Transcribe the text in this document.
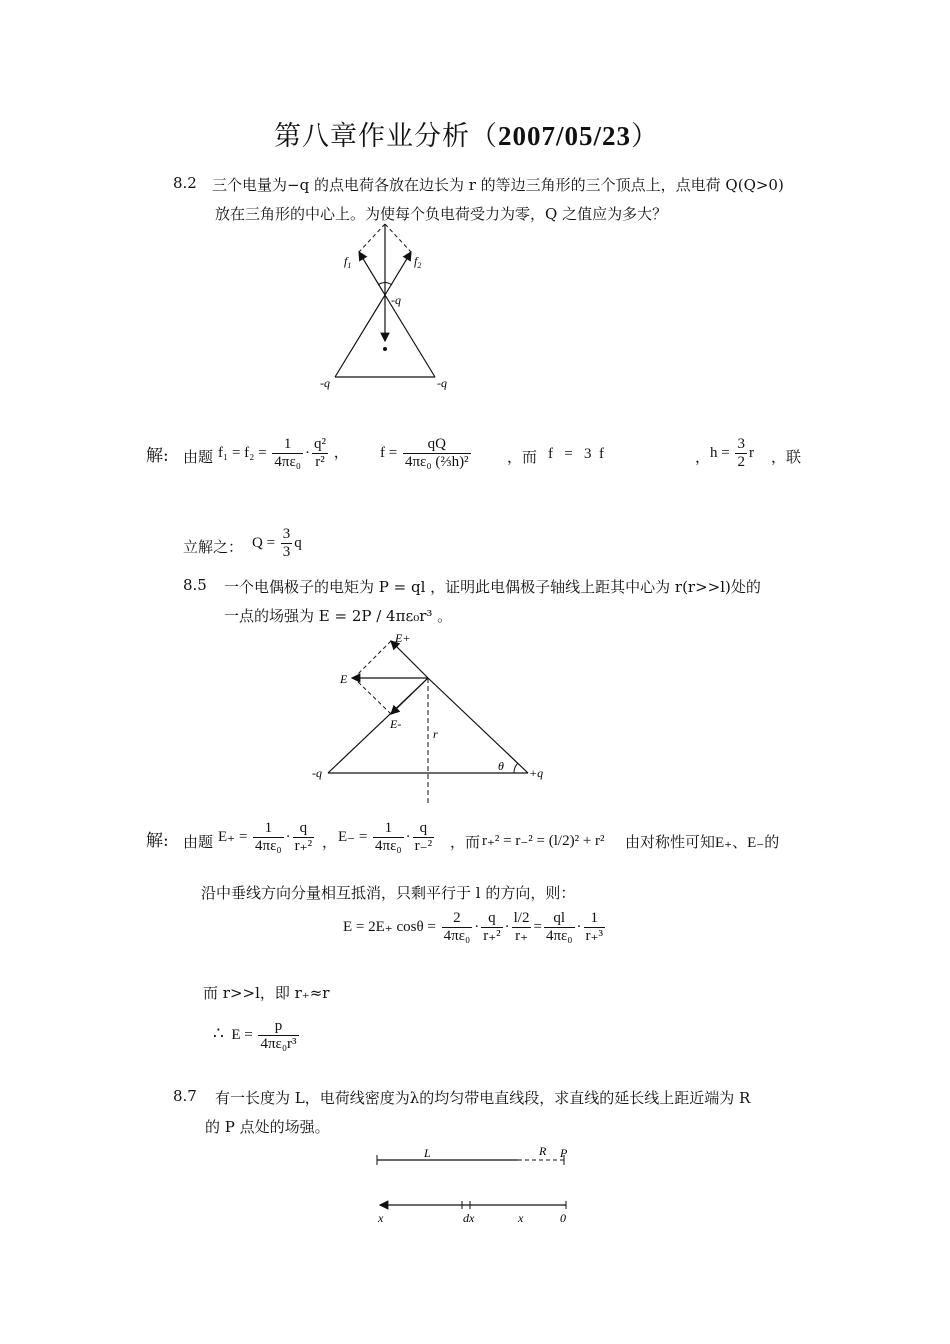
第八章作业分析（2007/05/23）
8.2 三个电量为−q 的点电荷各放在边长为 r 的等边三角形的三个顶点上，点电荷 Q(Q>0)
放在三角形的中心上。为使每个负电荷受力为零，Q 之值应为多大？
$f_1$	$f_2$
-q
-q	-q
解: 由题 $f_1 = f_2 = \frac{1}{\text{4πε₀}} \cdot \frac{\text{q²}}{\text{r²}}$ ， $f = \frac{qQ}{\text{4πε₀ (⅔h)²}}$ ，而 f   =   3  f	， $h = \frac{3}{2}$ r ，联
立解之： $Q = \frac{3}{3}$ q
8.5 一个电偶极子的电矩为 P = ql ，证明此电偶极子轴线上距其中心为 r(r>>l)处的
一点的场强为 E = 2P / 4πε₀r³ 。
E+
E
E-
r
θ
-q	+q
解: 由题 $E_+ = \frac{1}{\text{4πε₀}} \cdot \frac{q}{\text{r₊²}}$ ， $E_- = \frac{1}{\text{4πε₀}} \cdot \frac{q}{\text{r₋²}}$ ，而 r₊² = r₋² = (l/2)² + r² 由对称性可知E₊、E₋的
沿中垂线方向分量相互抵消，只剩平行于 l 的方向，则：
E = 2E₊ $\cos\theta = \frac{2}{\text{4πε₀}} \cdot \frac{q}{\text{r₊²}} \cdot \frac{l/2}{r_+} = \frac{ql}{\text{4πε₀}} \cdot \frac{1}{\text{r₊³}}$
而 r>>l，即 r₊≈r
∴ $E = \frac{p}{\text{4πε₀r³}}$
8.7 有一长度为 L，电荷线密度为λ的均匀带电直线段，求直线的延长线上距近端为 R
的 P 点处的场强。
L	R P
x	dx	x	0
